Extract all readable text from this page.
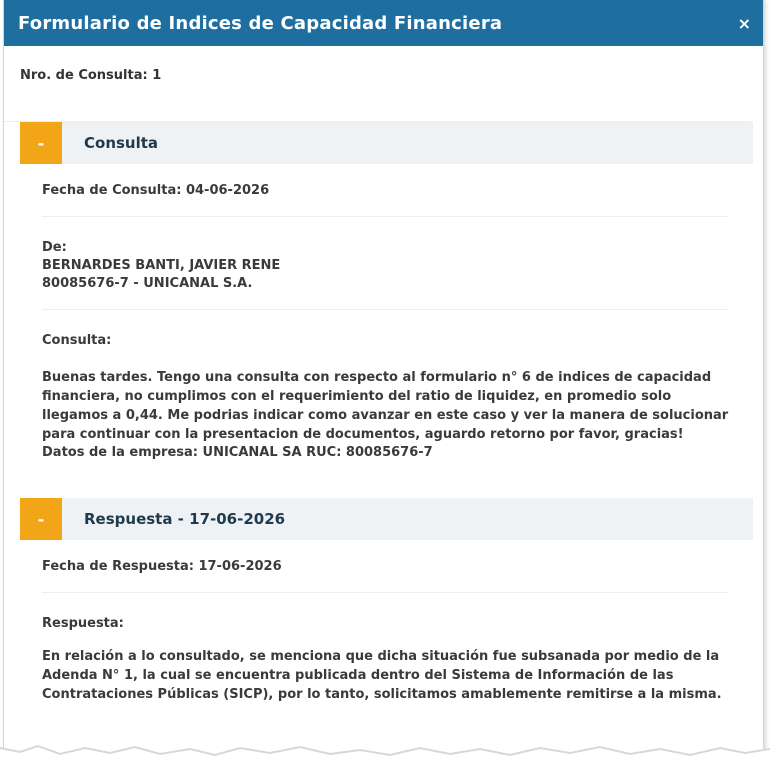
Formulario de Indices de Capacidad Financiera	×
Nro. de Consulta: 1
-	Consulta
Fecha de Consulta: 04-06-2026
De:
BERNARDES BANTI, JAVIER RENE
80085676-7 - UNICANAL S.A.
Consulta:
Buenas tardes. Tengo una consulta con respecto al formulario n° 6 de indices de capacidad financiera, no cumplimos con el requerimiento del ratio de liquidez, en promedio solo llegamos a 0,44. Me podrias indicar como avanzar en este caso y ver la manera de solucionar para continuar con la presentacion de documentos, aguardo retorno por favor, gracias!
Datos de la empresa: UNICANAL SA RUC: 80085676-7
-	Respuesta - 17-06-2026
Fecha de Respuesta: 17-06-2026
Respuesta:
En relación a lo consultado, se menciona que dicha situación fue subsanada por medio de la Adenda N° 1, la cual se encuentra publicada dentro del Sistema de Información de las Contrataciones Públicas (SICP), por lo tanto, solicitamos amablemente remitirse a la misma.
